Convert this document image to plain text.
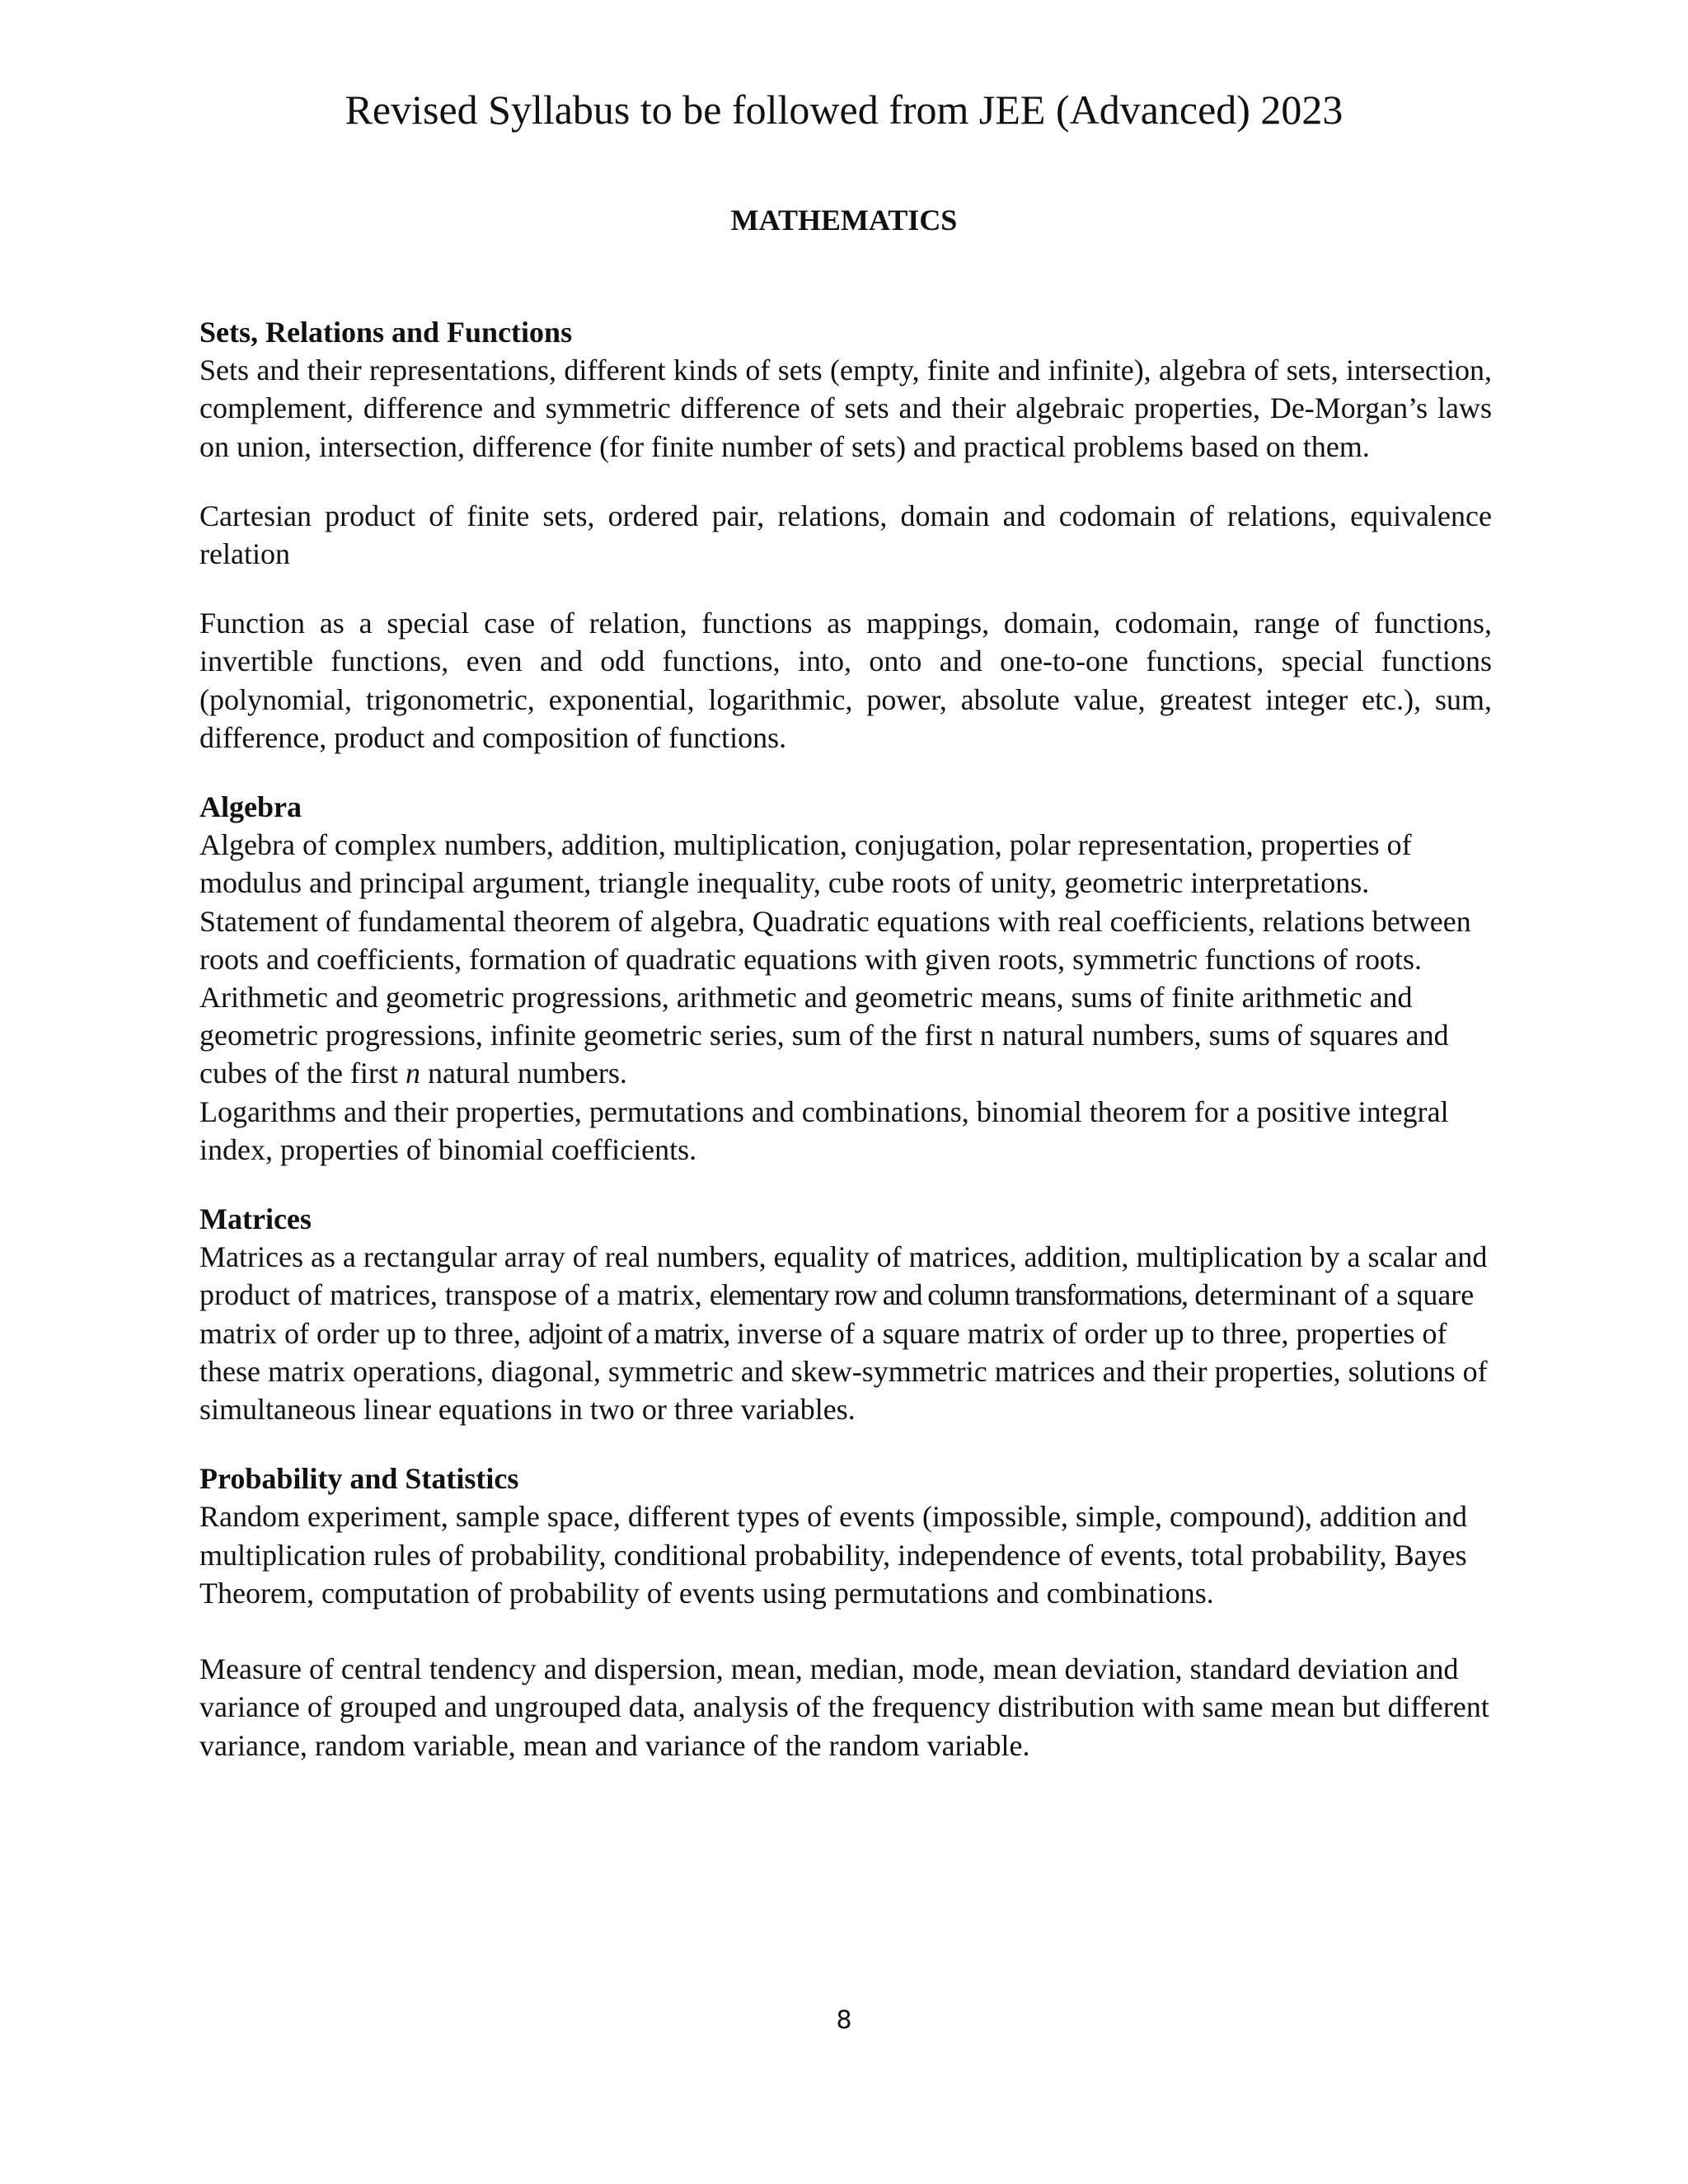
Revised Syllabus to be followed from JEE (Advanced) 2023
MATHEMATICS
Sets, Relations and Functions
Sets and their representations, different kinds of sets (empty, finite and infinite), algebra of sets, intersection, complement, difference and symmetric difference of sets and their algebraic properties, De-Morgan’s laws on union, intersection, difference (for finite number of sets) and practical problems based on them.
Cartesian product of finite sets, ordered pair, relations, domain and codomain of relations, equivalence relation
Function as a special case of relation, functions as mappings, domain, codomain, range of functions, invertible functions, even and odd functions, into, onto and one-to-one functions, special functions (polynomial, trigonometric, exponential, logarithmic, power, absolute value, greatest integer etc.), sum, difference, product and composition of functions.
Algebra
Algebra of complex numbers, addition, multiplication, conjugation, polar representation, properties of modulus and principal argument, triangle inequality, cube roots of unity, geometric interpretations.
Statement of fundamental theorem of algebra, Quadratic equations with real coefficients, relations between roots and coefficients, formation of quadratic equations with given roots, symmetric functions of roots.
Arithmetic and geometric progressions, arithmetic and geometric means, sums of finite arithmetic and geometric progressions, infinite geometric series, sum of the first n natural numbers, sums of squares and cubes of the first n natural numbers.
Logarithms and their properties, permutations and combinations, binomial theorem for a positive integral index, properties of binomial coefficients.
Matrices
Matrices as a rectangular array of real numbers, equality of matrices, addition, multiplication by a scalar and product of matrices, transpose of a matrix, elementary row and column transformations, determinant of a square matrix of order up to three, adjoint of a matrix, inverse of a square matrix of order up to three, properties of these matrix operations, diagonal, symmetric and skew-symmetric matrices and their properties, solutions of simultaneous linear equations in two or three variables.
Probability and Statistics
Random experiment, sample space, different types of events (impossible, simple, compound), addition and multiplication rules of probability, conditional probability, independence of events, total probability, Bayes Theorem, computation of probability of events using permutations and combinations.
Measure of central tendency and dispersion, mean, median, mode, mean deviation, standard deviation and variance of grouped and ungrouped data, analysis of the frequency distribution with same mean but different variance, random variable, mean and variance of the random variable.
8
